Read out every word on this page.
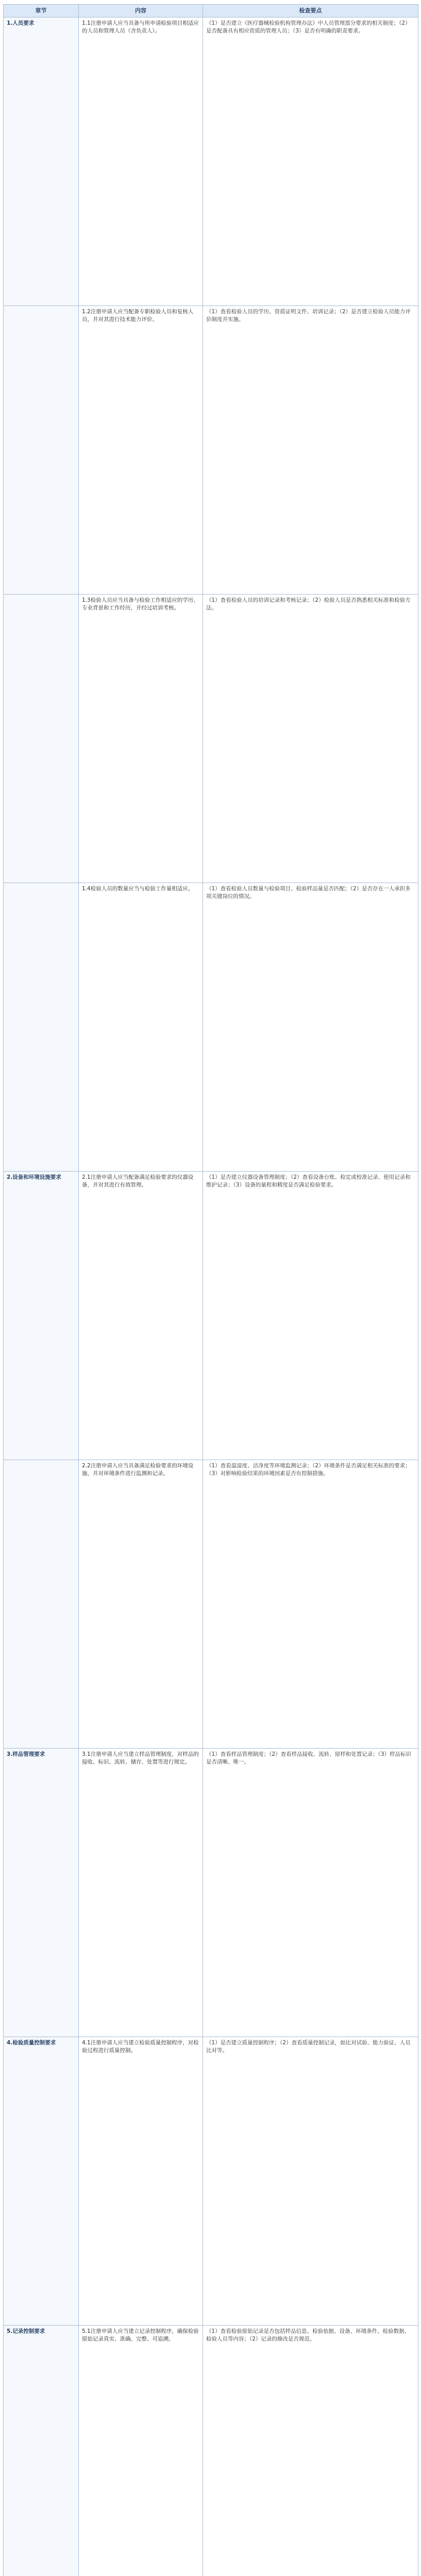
章节	内容	检查要点
1.人员要求	1.1注册申请人应当具备与所申请检验项目相适应的人员和管理人员（含负责人）。	（1）是否建立《医疗器械检验机构管理办法》中人员管理部分要求的相关制度；（2）是否配备具有相应资质的管理人员；（3）是否有明确的职责要求。
	1.2注册申请人应当配备专职检验人员和复核人员，并对其进行技术能力评价。	（1）查看检验人员的学历、资质证明文件、培训记录；（2）是否建立检验人员能力评价制度并实施。
	1.3检验人员应当具备与检验工作相适应的学历、专业背景和工作经历，并经过培训考核。	（1）查看检验人员的培训记录和考核记录；（2）检验人员是否熟悉相关标准和检验方法。
	1.4检验人员的数量应当与检验工作量相适应。	（1）查看检验人员数量与检验项目、检验样品量是否匹配；（2）是否存在一人承担多项关键岗位的情况。
2.设备和环境设施要求	2.1注册申请人应当配备满足检验要求的仪器设备，并对其进行有效管理。	（1）是否建立仪器设备管理制度；（2）查看设备台账、检定或校准记录、使用记录和维护记录；（3）设备的量程和精度是否满足检验要求。
	2.2注册申请人应当具备满足检验要求的环境设施，并对环境条件进行监测和记录。	（1）查看温湿度、洁净度等环境监测记录；（2）环境条件是否满足相关标准的要求；（3）对影响检验结果的环境因素是否有控制措施。
3.样品管理要求	3.1注册申请人应当建立样品管理制度，对样品的接收、标识、流转、储存、处置等进行规定。	（1）查看样品管理制度；（2）查看样品接收、流转、留样和处置记录；（3）样品标识是否清晰、唯一。
4.检验质量控制要求	4.1注册申请人应当建立检验质量控制程序，对检验过程进行质量控制。	（1）是否建立质量控制程序；（2）查看质量控制记录，如比对试验、能力验证、人员比对等。
5.记录控制要求	5.1注册申请人应当建立记录控制程序，确保检验原始记录真实、准确、完整、可追溯。	（1）查看检验原始记录是否包括样品信息、检验依据、设备、环境条件、检验数据、检验人员等内容；（2）记录的修改是否规范。
